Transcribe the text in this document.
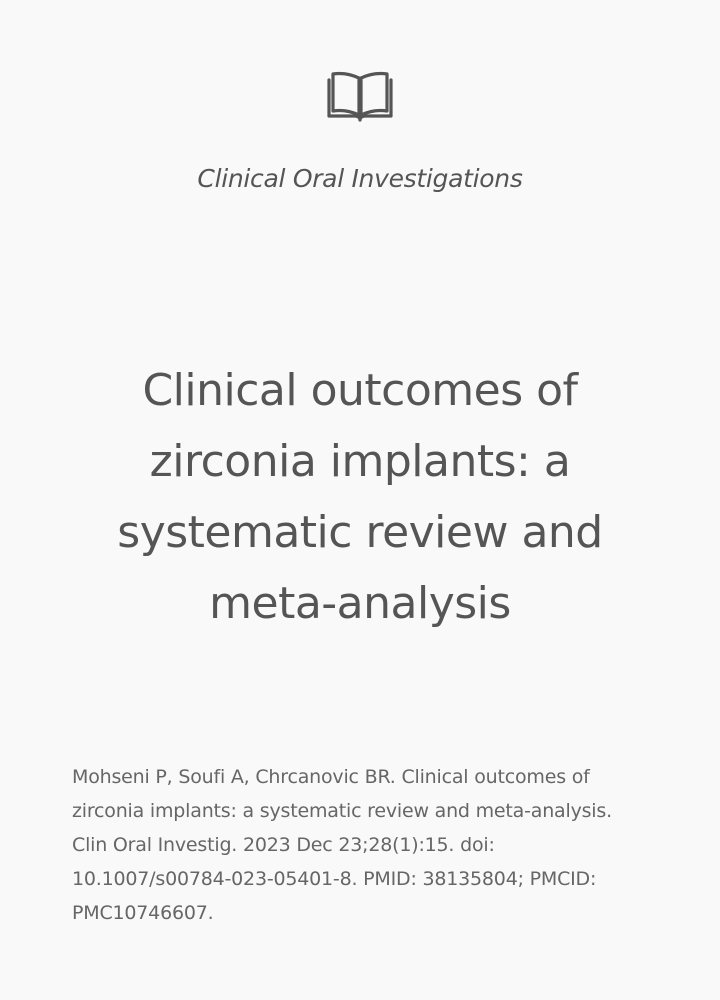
Clinical Oral Investigations
Clinical outcomes of zirconia implants: a systematic review and meta-analysis

Mohseni P, Soufi A, Chrcanovic BR. Clinical outcomes of zirconia implants: a systematic review and meta-analysis. Clin Oral Investig. 2023 Dec 23;28(1):15. doi: 10.1007/s00784-023-05401-8. PMID: 38135804; PMCID: PMC10746607.
